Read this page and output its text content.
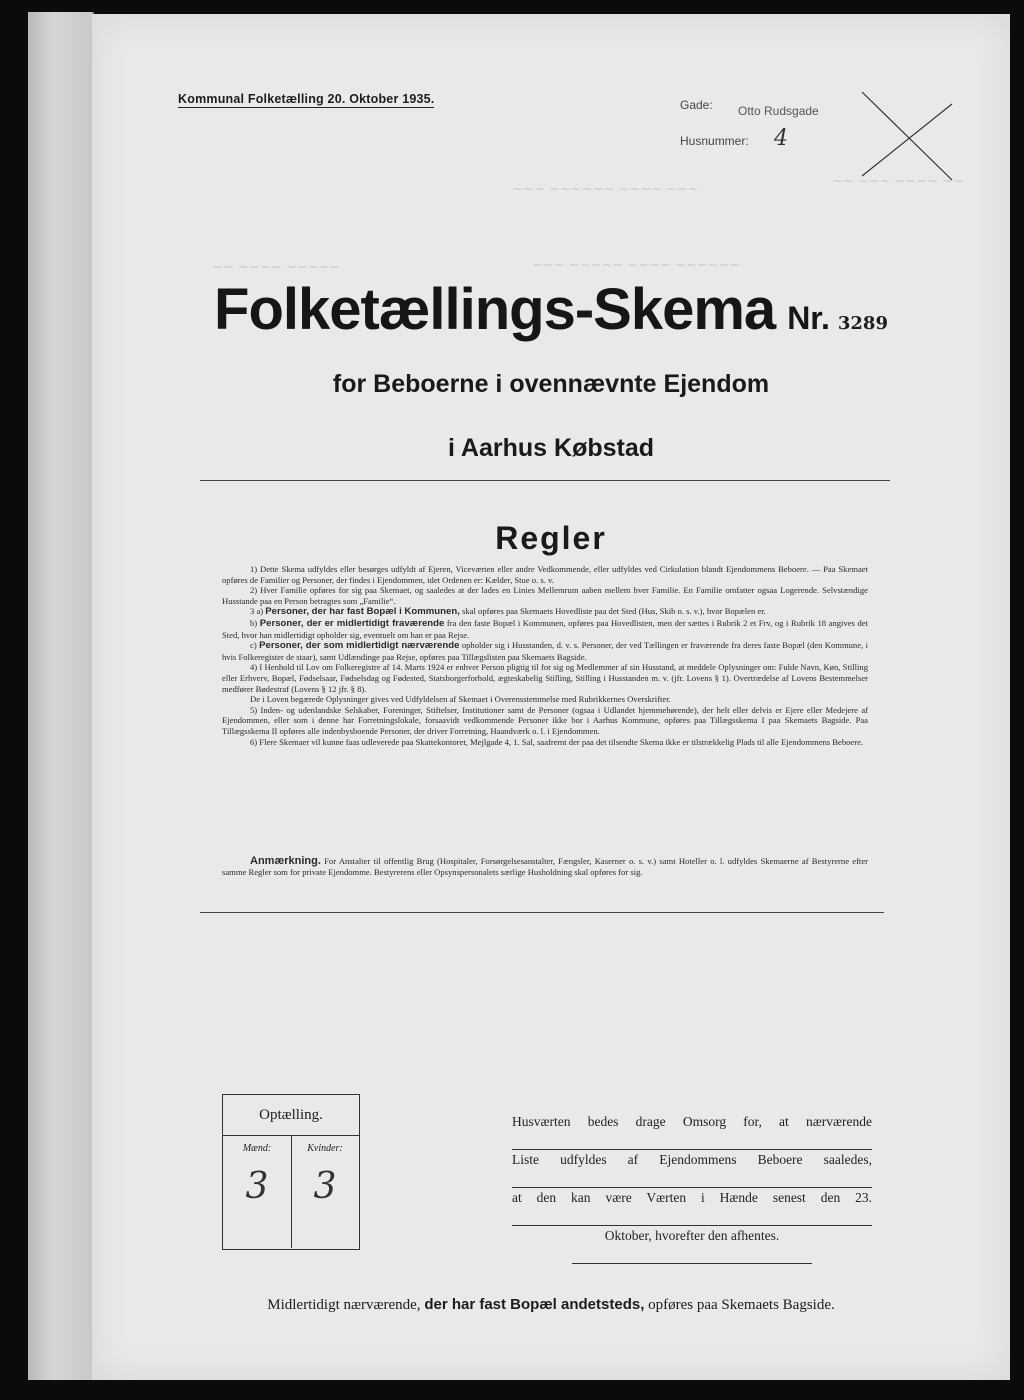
Kommunal Folketælling 20. Oktober 1935.	Gade: Otto Rudsgade
Husnummer: 4
~~ ~~~ ~~~~ ~~
~~~ ~~~~~~ ~~~~ ~~~
~~ ~~~~ ~~~~~	~~~ ~~~~~ ~~~~ ~~~~~~
Folketællings-Skema Nr. 3289
for Beboerne i ovennævnte Ejendom
i Aarhus Købstad
Regler

1) Dette Skema udfyldes eller besørges udfyldt af Ejeren, Viceværten eller andre Vedkommende, eller udfyldes ved Cirkulation blandt Ejendommens Beboere. — Paa Skemaet opføres de Familier og Personer, der findes i Ejendommen, idet Ordenen er: Kælder, Stue o. s. v.

2) Hver Familie opføres for sig paa Skemaet, og saaledes at der lades en Linies Mellemrum aaben mellem hver Familie. En Familie omfatter ogsaa Logerende. Selvstændige Husstande paa en Person betragtes som „Familie“.

3 a) Personer, der har fast Bopæl i Kommunen, skal opføres paa Skemaets Hovedliste paa det Sted (Hus, Skib o. s. v.), hvor Bopælen er.

b) Personer, der er midlertidigt fraværende fra den faste Bopæl i Kommunen, opføres paa Hovedlisten, men der sættes i Rubrik 2 et Frv, og i Rubrik 18 angives det Sted, hvor han midlertidigt opholder sig, eventuelt om han er paa Rejse.

c) Personer, der som midlertidigt nærværende opholder sig i Husstanden, d. v. s. Personer, der ved Tællingen er fraværende fra deres faste Bopæl (den Kommune, i hvis Folkeregister de staar), samt Udlændinge paa Rejse, opføres paa Tillægslisten paa Skemaets Bagside.

4) I Henhold til Lov om Folkeregistre af 14. Marts 1924 er enhver Person pligtig til for sig og Medlemmer af sin Husstand, at meddele Oplysninger om: Fulde Navn, Køn, Stilling eller Erhverv, Bopæl, Fødselsaar, Fødselsdag og Fødested, Statsborgerforhold, ægteskabelig Stilling, Stilling i Husstanden m. v. (jfr. Lovens § 1). Overtrædelse af Lovens Bestemmelser medfører Bødestraf (Lovens § 12 jfr. § 8).

De i Loven begærede Oplysninger gives ved Udfyldelsen af Skemaet i Overensstemmelse med Rubrikkernes Overskrifter.

5) Inden- og udenlandske Selskaber, Foreninger, Stiftelser, Institutioner samt de Personer (ogsaa i Udlandet hjemmehørende), der helt eller delvis er Ejere eller Medejere af Ejendommen, eller som i denne har Forretningslokale, forsaavidt vedkommende Personer ikke bor i Aarhus Kommune, opføres paa Tillægsskema I paa Skemaets Bagside. Paa Tillægsskema II opføres alle indenbysboende Personer, der driver Forretning, Haandværk o. l. i Ejendommen.

6) Flere Skemaer vil kunne faas udleverede paa Skattekontoret, Mejlgade 4, 1. Sal, saafremt der paa det tilsendte Skema ikke er tilstrækkelig Plads til alle Ejendommens Beboere.

Anmærkning. For Anstalter til offentlig Brug (Hospitaler, Forsørgelsesanstalter, Fængsler, Kaserner o. s. v.) samt Hoteller o. l. udfyldes Skemaerne af Bestyrerne efter samme Regler som for private Ejendomme. Bestyrerens eller Opsynspersonalets særlige Husholdning skal opføres for sig.

Optælling.
Mænd:
3
Kvinder:
3
Husværten bedes drage Omsorg for, at nærværende
Liste udfyldes af Ejendommens Beboere saaledes,
at den kan være Værten i Hænde senest den 23.
Oktober, hvorefter den afhentes.
Midlertidigt nærværende, der har fast Bopæl andetsteds, opføres paa Skemaets Bagside.
